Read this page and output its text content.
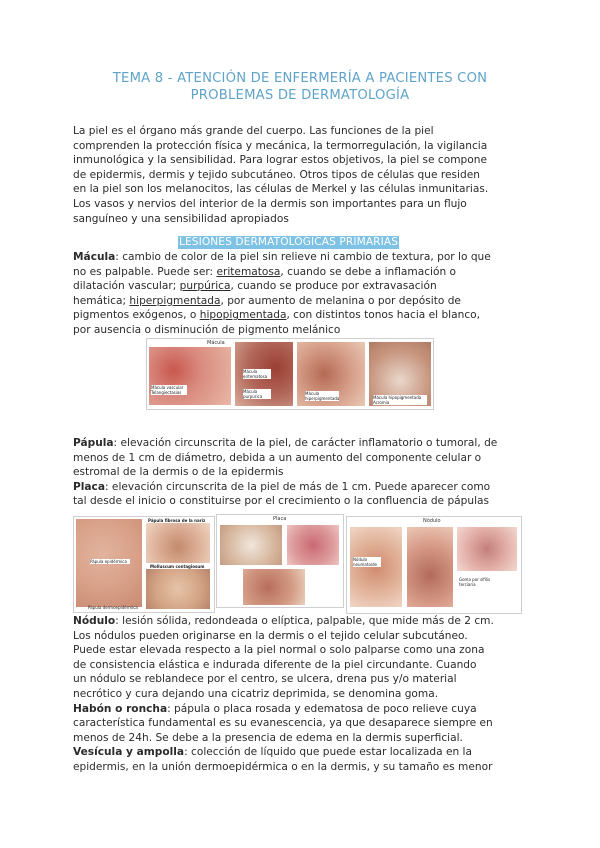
TEMA 8 - ATENCIÓN DE ENFERMERÍA A PACIENTES CON
PROBLEMAS DE DERMATOLOGÍA
La piel es el órgano más grande del cuerpo. Las funciones de la piel
comprenden la protección física y mecánica, la termorregulación, la vigilancia
inmunológica y la sensibilidad. Para lograr estos objetivos, la piel se compone
de epidermis, dermis y tejido subcutáneo. Otros tipos de células que residen
en la piel son los melanocitos, las células de Merkel y las células inmunitarias.
Los vasos y nervios del interior de la dermis son importantes para un flujo
sanguíneo y una sensibilidad apropiados
LESIONES DERMATOLÓGICAS PRIMARIAS
Mácula: cambio de color de la piel sin relieve ni cambio de textura, por lo que
no es palpable. Puede ser: eritematosa, cuando se debe a inflamación o
dilatación vascular; purpúrica, cuando se produce por extravasación
hemática; hiperpigmentada, por aumento de melanina o por depósito de
pigmentos exógenos, o hipopigmentada, con distintos tonos hacia el blanco,
por ausencia o disminución de pigmento melánico
Mácula
Mácula vascular Telangiectasias
Mácula eritematosa
Mácula purpúrica
Mácula hiperpigmentada	Mácula hipopigmentada Acromia
Pápula: elevación circunscrita de la piel, de carácter inflamatorio o tumoral, de
menos de 1 cm de diámetro, debida a un aumento del componente celular o
estromal de la dermis o de la epidermis
Placa: elevación circunscrita de la piel de más de 1 cm. Puede aparecer como
tal desde el inicio o constituirse por el crecimiento o la confluencia de pápulas
Pápula epidérmica
Pápula fibrosa de la nariz
Molluscum contagiosum
Pápula dermoepidérmica
Placa	Nódulo
Nódulo neumatoide
Goma por sífilis terciaria
Nódulo: lesión sólida, redondeada o elíptica, palpable, que mide más de 2 cm.
Los nódulos pueden originarse en la dermis o el tejido celular subcutáneo.
Puede estar elevada respecto a la piel normal o solo palparse como una zona
de consistencia elástica e indurada diferente de la piel circundante. Cuando
un nódulo se reblandece por el centro, se ulcera, drena pus y/o material
necrótico y cura dejando una cicatriz deprimida, se denomina goma.
Habón o roncha: pápula o placa rosada y edematosa de poco relieve cuya
característica fundamental es su evanescencia, ya que desaparece siempre en
menos de 24h. Se debe a la presencia de edema en la dermis superficial.
Vesícula y ampolla: colección de líquido que puede estar localizada en la
epidermis, en la unión dermoepidérmica o en la dermis, y su tamaño es menor
